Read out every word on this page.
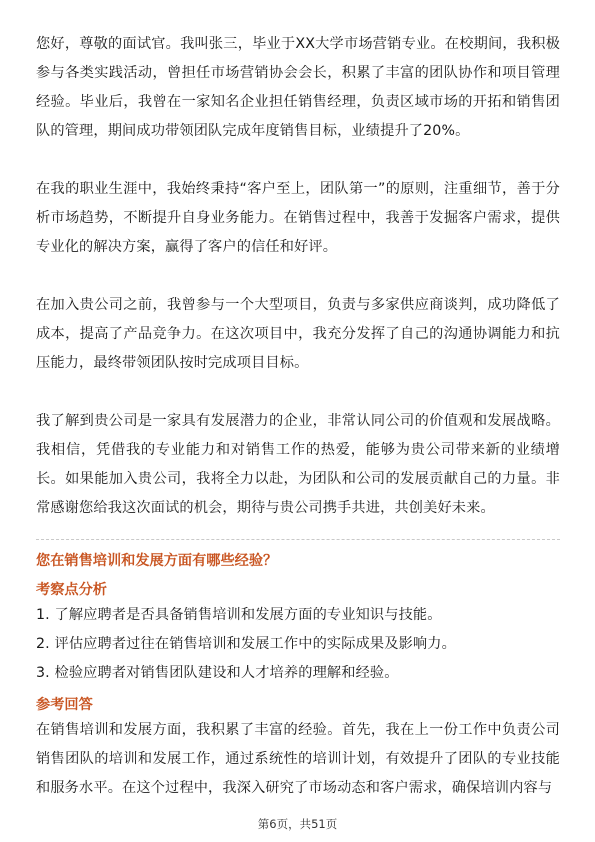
您好，尊敬的面试官。我叫张三，毕业于XX大学市场营销专业。在校期间，我积极参与各类实践活动，曾担任市场营销协会会长，积累了丰富的团队协作和项目管理经验。毕业后，我曾在一家知名企业担任销售经理，负责区域市场的开拓和销售团队的管理，期间成功带领团队完成年度销售目标，业绩提升了20%。

在我的职业生涯中，我始终秉持“客户至上，团队第一”的原则，注重细节，善于分析市场趋势，不断提升自身业务能力。在销售过程中，我善于发掘客户需求，提供专业化的解决方案，赢得了客户的信任和好评。

在加入贵公司之前，我曾参与一个大型项目，负责与多家供应商谈判，成功降低了成本，提高了产品竞争力。在这次项目中，我充分发挥了自己的沟通协调能力和抗压能力，最终带领团队按时完成项目目标。

我了解到贵公司是一家具有发展潜力的企业，非常认同公司的价值观和发展战略。我相信，凭借我的专业能力和对销售工作的热爱，能够为贵公司带来新的业绩增长。如果能加入贵公司，我将全力以赴，为团队和公司的发展贡献自己的力量。非常感谢您给我这次面试的机会，期待与贵公司携手共进，共创美好未来。

您在销售培训和发展方面有哪些经验？
考察点分析
1. 了解应聘者是否具备销售培训和发展方面的专业知识与技能。
2. 评估应聘者过往在销售培训和发展工作中的实际成果及影响力。
3. 检验应聘者对销售团队建设和人才培养的理解和经验。
参考回答

在销售培训和发展方面，我积累了丰富的经验。首先，我在上一份工作中负责公司销售团队的培训和发展工作，通过系统性的培训计划，有效提升了团队的专业技能和服务水平。在这个过程中，我深入研究了市场动态和客户需求，确保培训内容与

第6页，共51页
